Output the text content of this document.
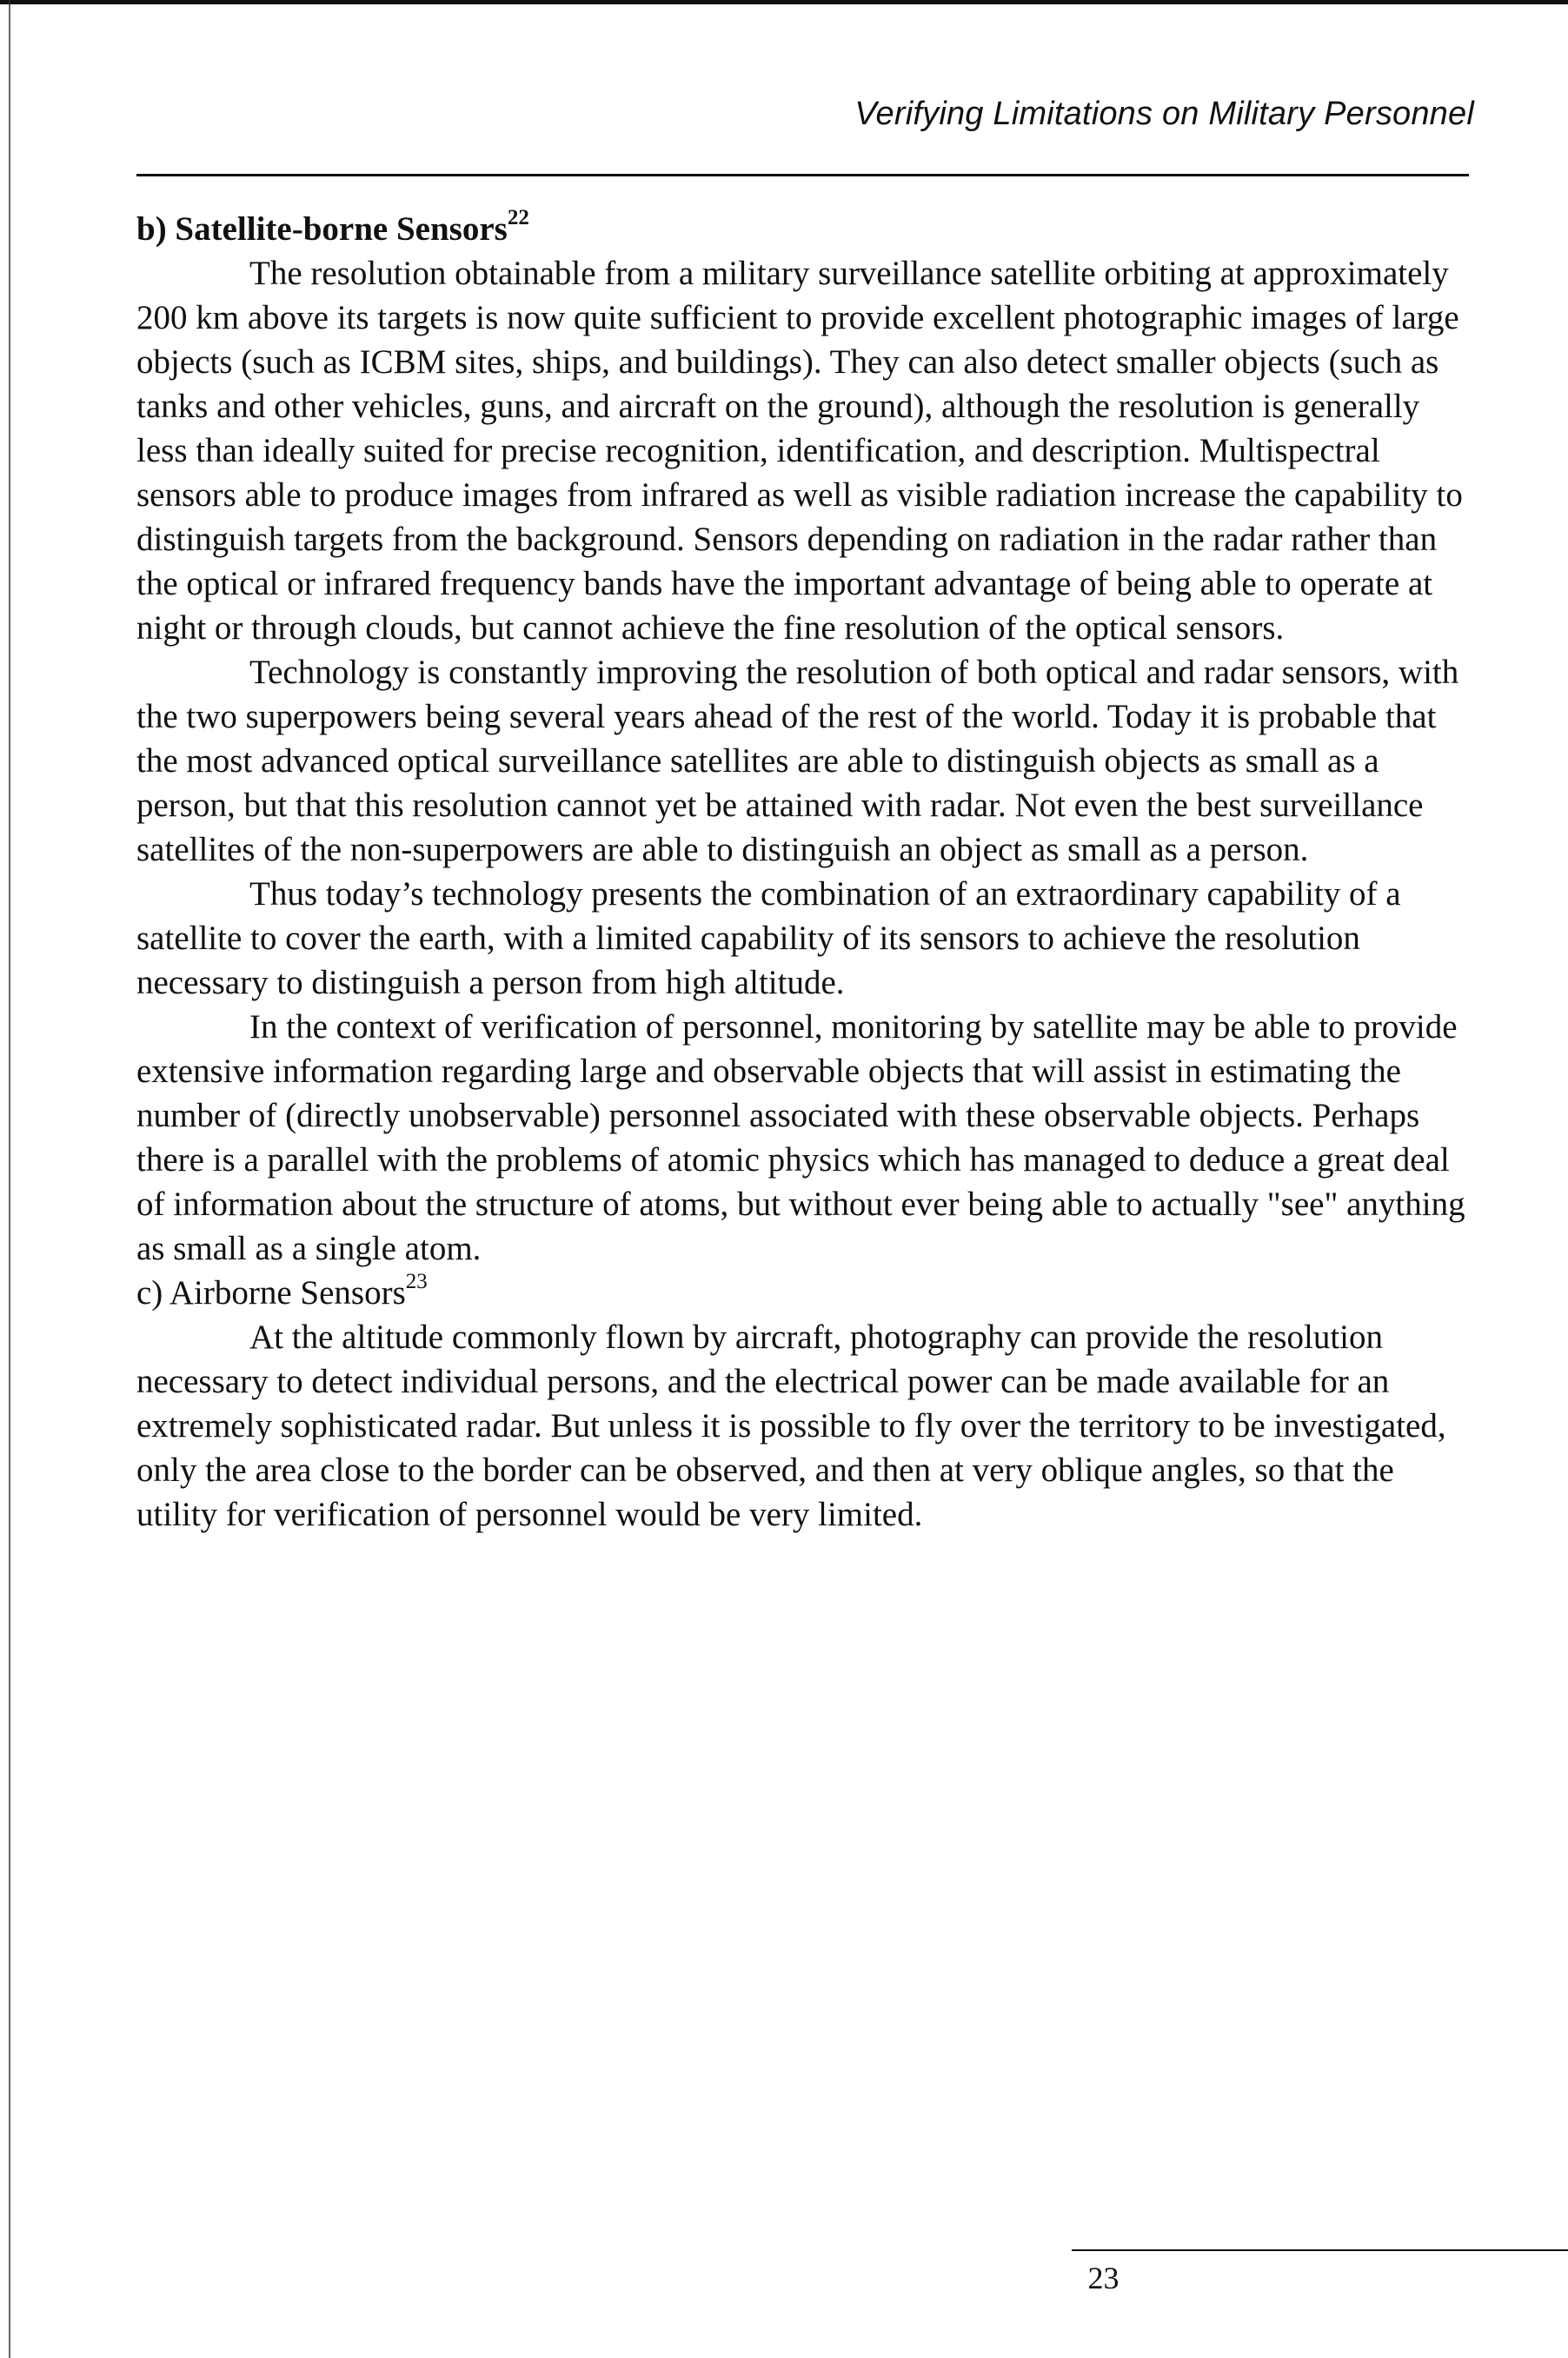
Verifying Limitations on Military Personnel
b) Satellite-borne Sensors$^{22}$

The resolution obtainable from a military surveillance satellite orbiting at approximately 200 km above its targets is now quite sufficient to provide excellent photographic images of large objects (such as ICBM sites, ships, and buildings). They can also detect smaller objects (such as tanks and other vehicles, guns, and aircraft on the ground), although the resolution is generally less than ideally suited for precise recognition, identification, and description. Multispectral sensors able to produce images from infrared as well as visible radiation increase the capability to distinguish targets from the background. Sensors depending on radiation in the radar rather than the optical or infrared frequency bands have the important advantage of being able to operate at night or through clouds, but cannot achieve the fine resolution of the optical sensors.

Technology is constantly improving the resolution of both optical and radar sensors, with the two superpowers being several years ahead of the rest of the world. Today it is probable that the most advanced optical surveillance satellites are able to distinguish objects as small as a person, but that this resolution cannot yet be attained with radar. Not even the best surveillance satellites of the non-superpowers are able to distinguish an object as small as a person.

Thus today’s technology presents the combination of an extraordinary capability of a satellite to cover the earth, with a limited capability of its sensors to achieve the resolution necessary to distinguish a person from high altitude.

In the context of verification of personnel, monitoring by satellite may be able to provide extensive information regarding large and observable objects that will assist in estimating the number of (directly unobservable) personnel associated with these observable objects. Perhaps there is a parallel with the problems of atomic physics which has managed to deduce a great deal of information about the structure of atoms, but without ever being able to actually "see" anything as small as a single atom.

c) Airborne Sensors$^{23}$

At the altitude commonly flown by aircraft, photography can provide the resolution necessary to detect individual persons, and the electrical power can be made available for an extremely sophisticated radar. But unless it is possible to fly over the territory to be investigated, only the area close to the border can be observed, and then at very oblique angles, so that the utility for verification of personnel would be very limited.

23
